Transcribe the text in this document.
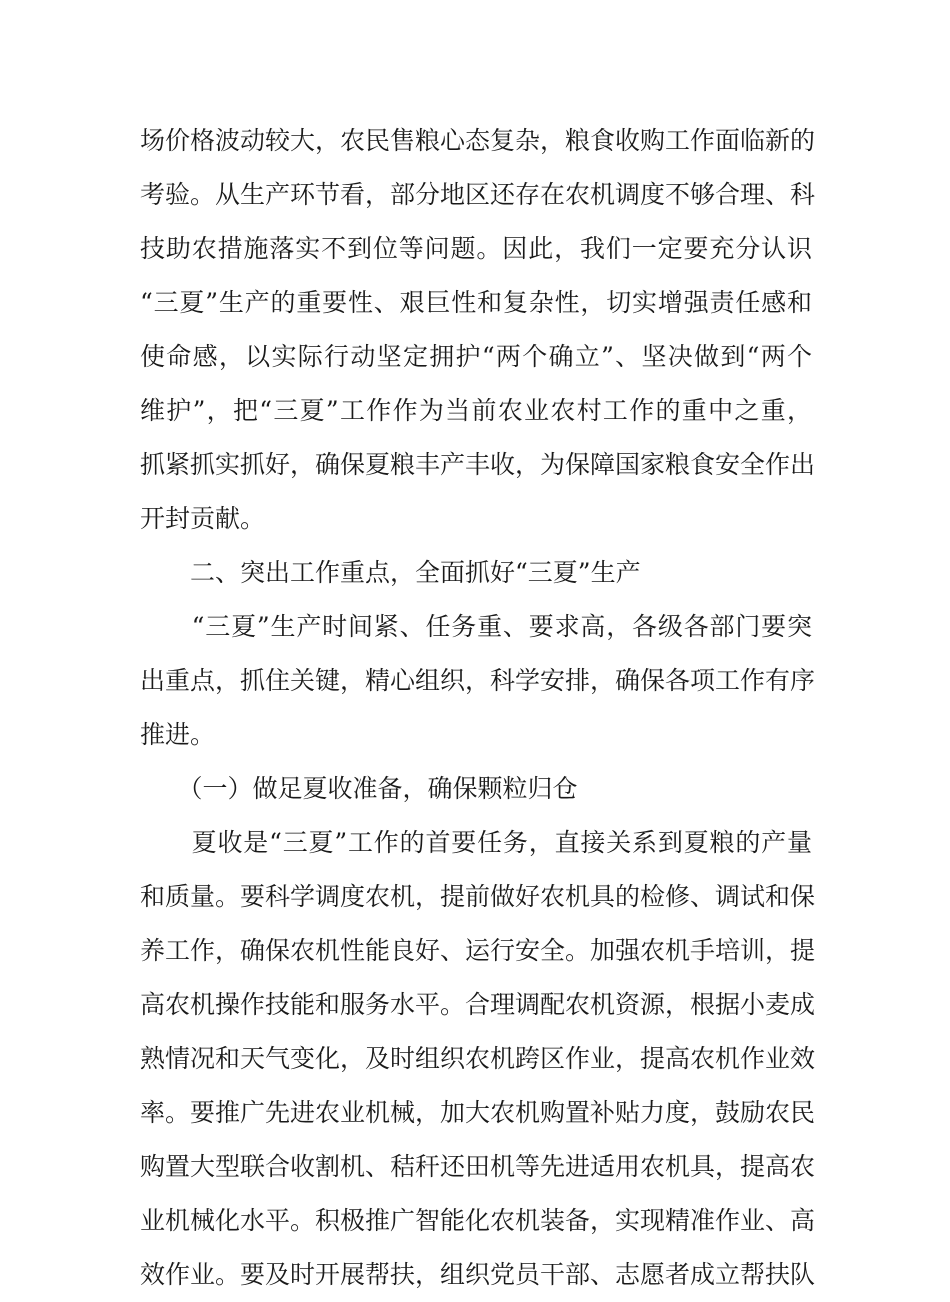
场价格波动较大，农民售粮心态复杂，粮食收购工作面临新的
考验。从生产环节看，部分地区还存在农机调度不够合理、科
技助农措施落实不到位等问题。因此，我们一定要充分认识
“三夏”生产的重要性、艰巨性和复杂性，切实增强责任感和
使命感，以实际行动坚定拥护“两个确立”、坚决做到“两个
维护”，把“三夏”工作作为当前农业农村工作的重中之重，
抓紧抓实抓好，确保夏粮丰产丰收，为保障国家粮食安全作出
开封贡献。
　　二、突出工作重点，全面抓好“三夏”生产
　　“三夏”生产时间紧、任务重、要求高，各级各部门要突
出重点，抓住关键，精心组织，科学安排，确保各项工作有序
推进。
　　（一）做足夏收准备，确保颗粒归仓
　　夏收是“三夏”工作的首要任务，直接关系到夏粮的产量
和质量。要科学调度农机，提前做好农机具的检修、调试和保
养工作，确保农机性能良好、运行安全。加强农机手培训，提
高农机操作技能和服务水平。合理调配农机资源，根据小麦成
熟情况和天气变化，及时组织农机跨区作业，提高农机作业效
率。要推广先进农业机械，加大农机购置补贴力度，鼓励农民
购置大型联合收割机、秸秆还田机等先进适用农机具，提高农
业机械化水平。积极推广智能化农机装备，实现精准作业、高
效作业。要及时开展帮扶，组织党员干部、志愿者成立帮扶队
